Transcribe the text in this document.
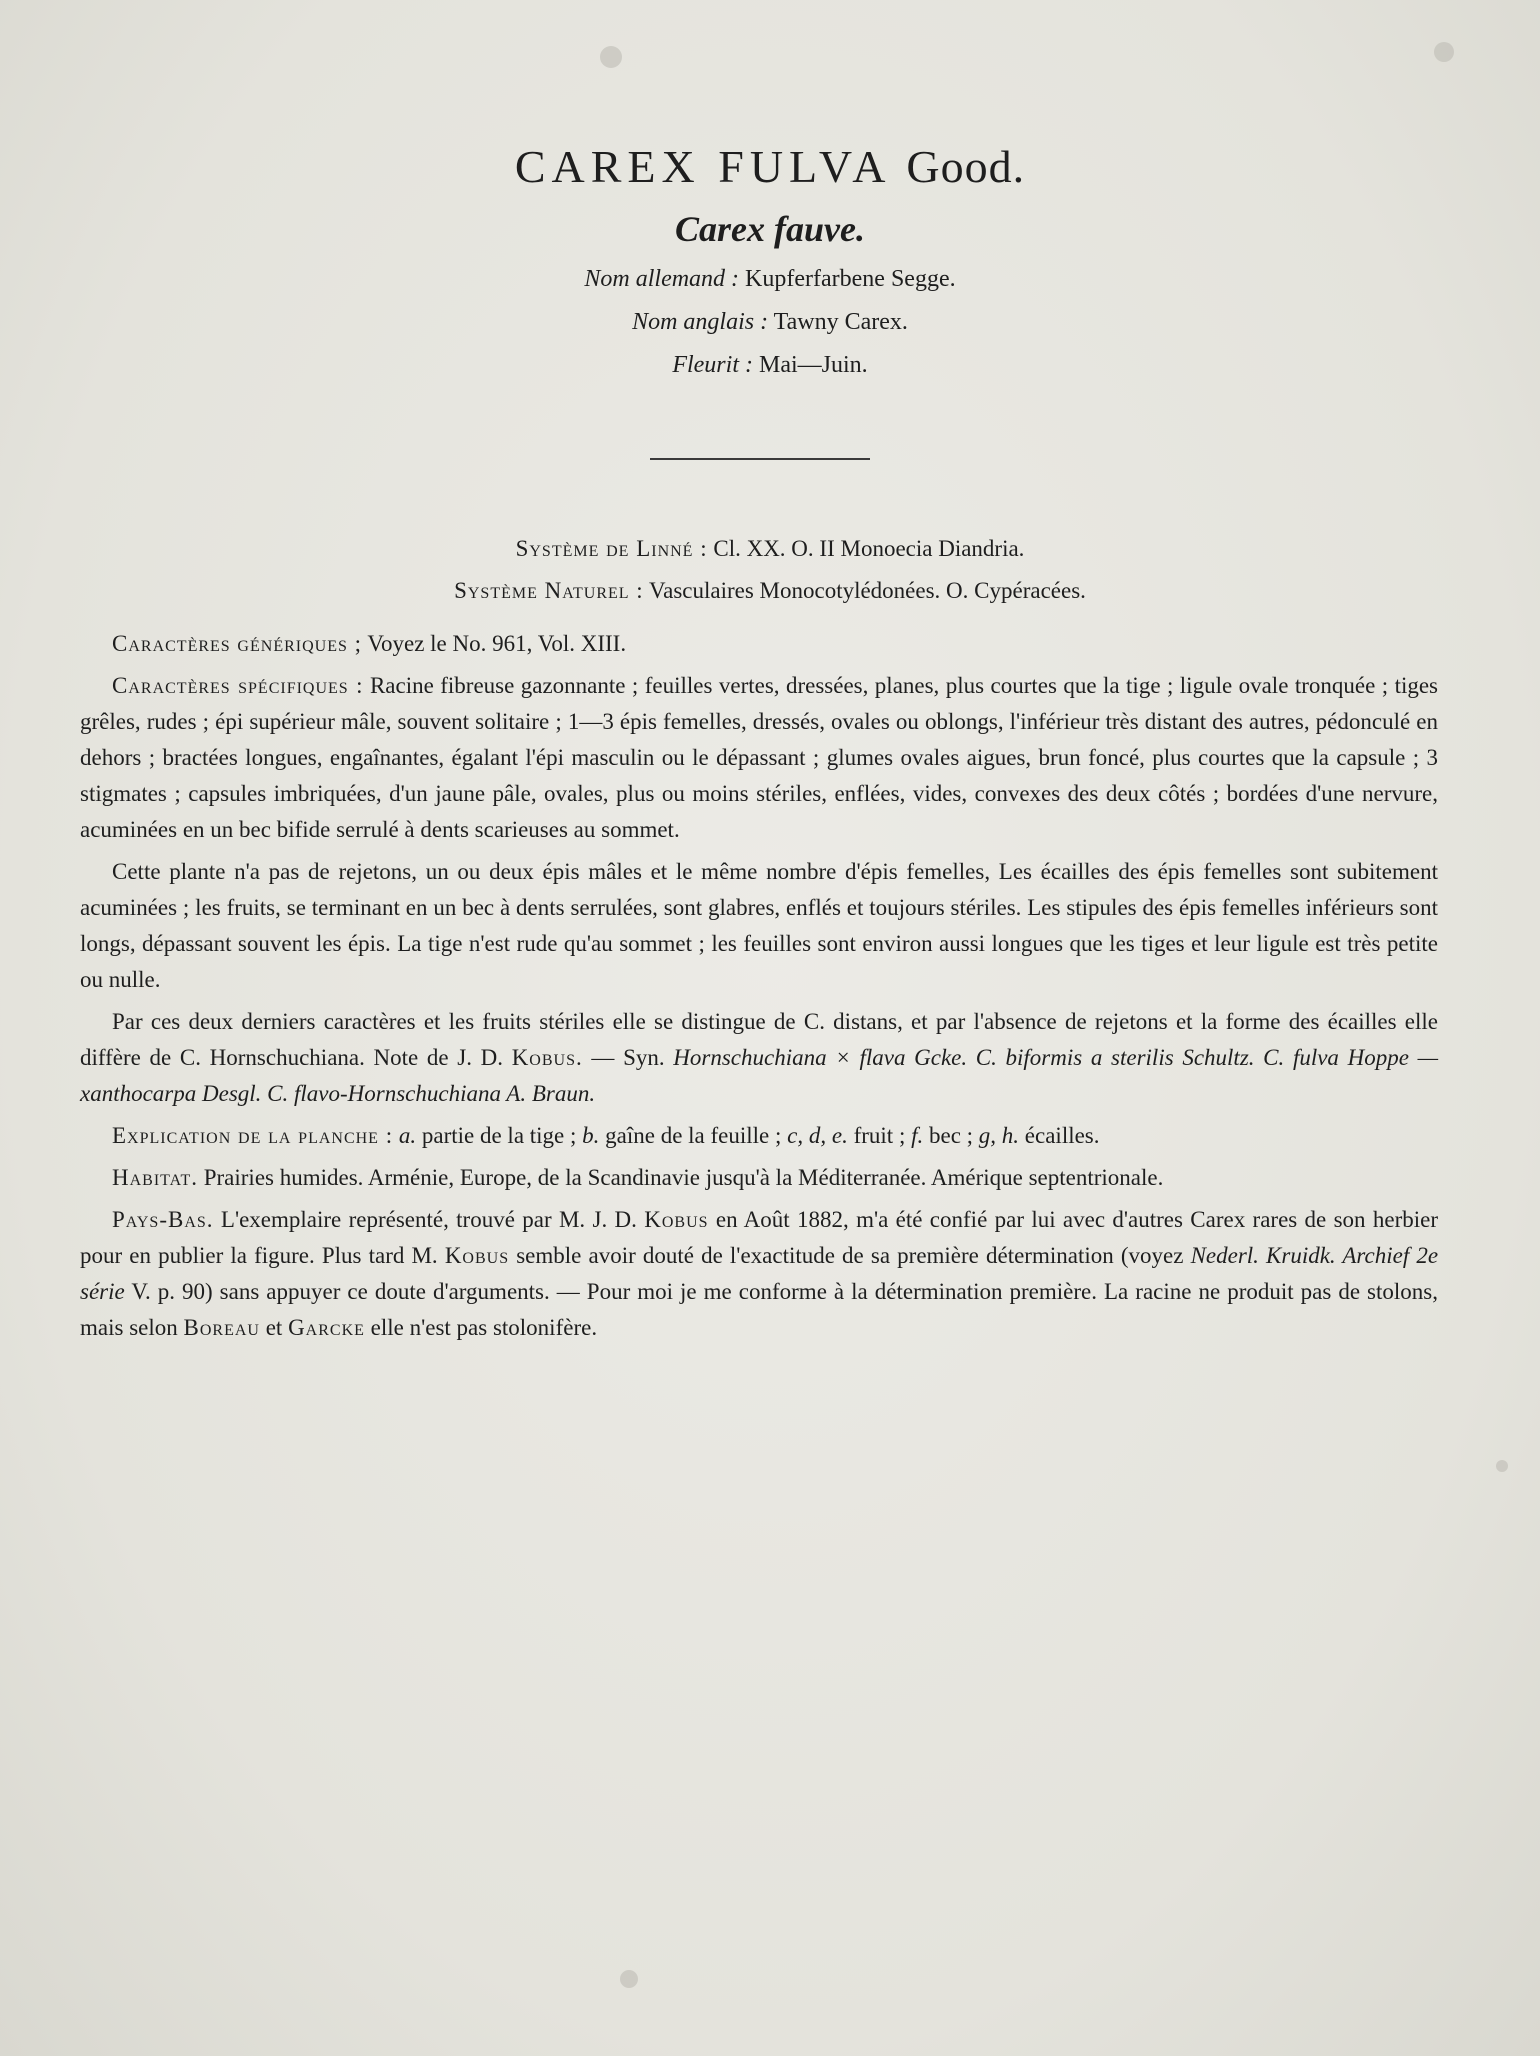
CAREX FULVA Good.
Carex fauve.
Nom allemand : Kupferfarbene Segge.
Nom anglais : Tawny Carex.
Fleurit : Mai—Juin.
Système de Linné : Cl. XX. O. II Monoecia Diandria.
Système Naturel : Vasculaires Monocotylédonées. O. Cypéracées.

Caractères génériques ; Voyez le No. 961, Vol. XIII.

Caractères spécifiques : Racine fibreuse gazonnante ; feuilles vertes, dressées, planes, plus courtes que la tige ; ligule ovale tronquée ; tiges grêles, rudes ; épi supérieur mâle, souvent solitaire ; 1—3 épis femelles, dressés, ovales ou oblongs, l'inférieur très distant des autres, pédonculé en dehors ; bractées longues, engaînantes, égalant l'épi masculin ou le dépassant ; glumes ovales aigues, brun foncé, plus courtes que la capsule ; 3 stigmates ; capsules imbriquées, d'un jaune pâle, ovales, plus ou moins stériles, enflées, vides, convexes des deux côtés ; bordées d'une nervure, acuminées en un bec bifide serrulé à dents scarieuses au sommet.

Cette plante n'a pas de rejetons, un ou deux épis mâles et le même nombre d'épis femelles, Les écailles des épis femelles sont subitement acuminées ; les fruits, se terminant en un bec à dents serrulées, sont glabres, enflés et toujours stériles. Les stipules des épis femelles inférieurs sont longs, dépassant souvent les épis. La tige n'est rude qu'au sommet ; les feuilles sont environ aussi longues que les tiges et leur ligule est très petite ou nulle.

Par ces deux derniers caractères et les fruits stériles elle se distingue de C. distans, et par l'absence de rejetons et la forme des écailles elle diffère de C. Hornschuchiana. Note de J. D. Kobus. — Syn. Hornschuchiana × flava Gcke. C. biformis a sterilis Schultz. C. fulva Hoppe — xanthocarpa Desgl. C. flavo-Hornschuchiana A. Braun.

Explication de la planche : a. partie de la tige ; b. gaîne de la feuille ; c, d, e. fruit ; f. bec ; g, h. écailles.

Habitat. Prairies humides. Arménie, Europe, de la Scandinavie jusqu'à la Méditerranée. Amérique septentrionale.

Pays-Bas. L'exemplaire représenté, trouvé par M. J. D. Kobus en Août 1882, m'a été confié par lui avec d'autres Carex rares de son herbier pour en publier la figure. Plus tard M. Kobus semble avoir douté de l'exactitude de sa première détermination (voyez Nederl. Kruidk. Archief 2e série V. p. 90) sans appuyer ce doute d'arguments. — Pour moi je me conforme à la détermination première. La racine ne produit pas de stolons, mais selon Boreau et Garcke elle n'est pas stolonifère.
